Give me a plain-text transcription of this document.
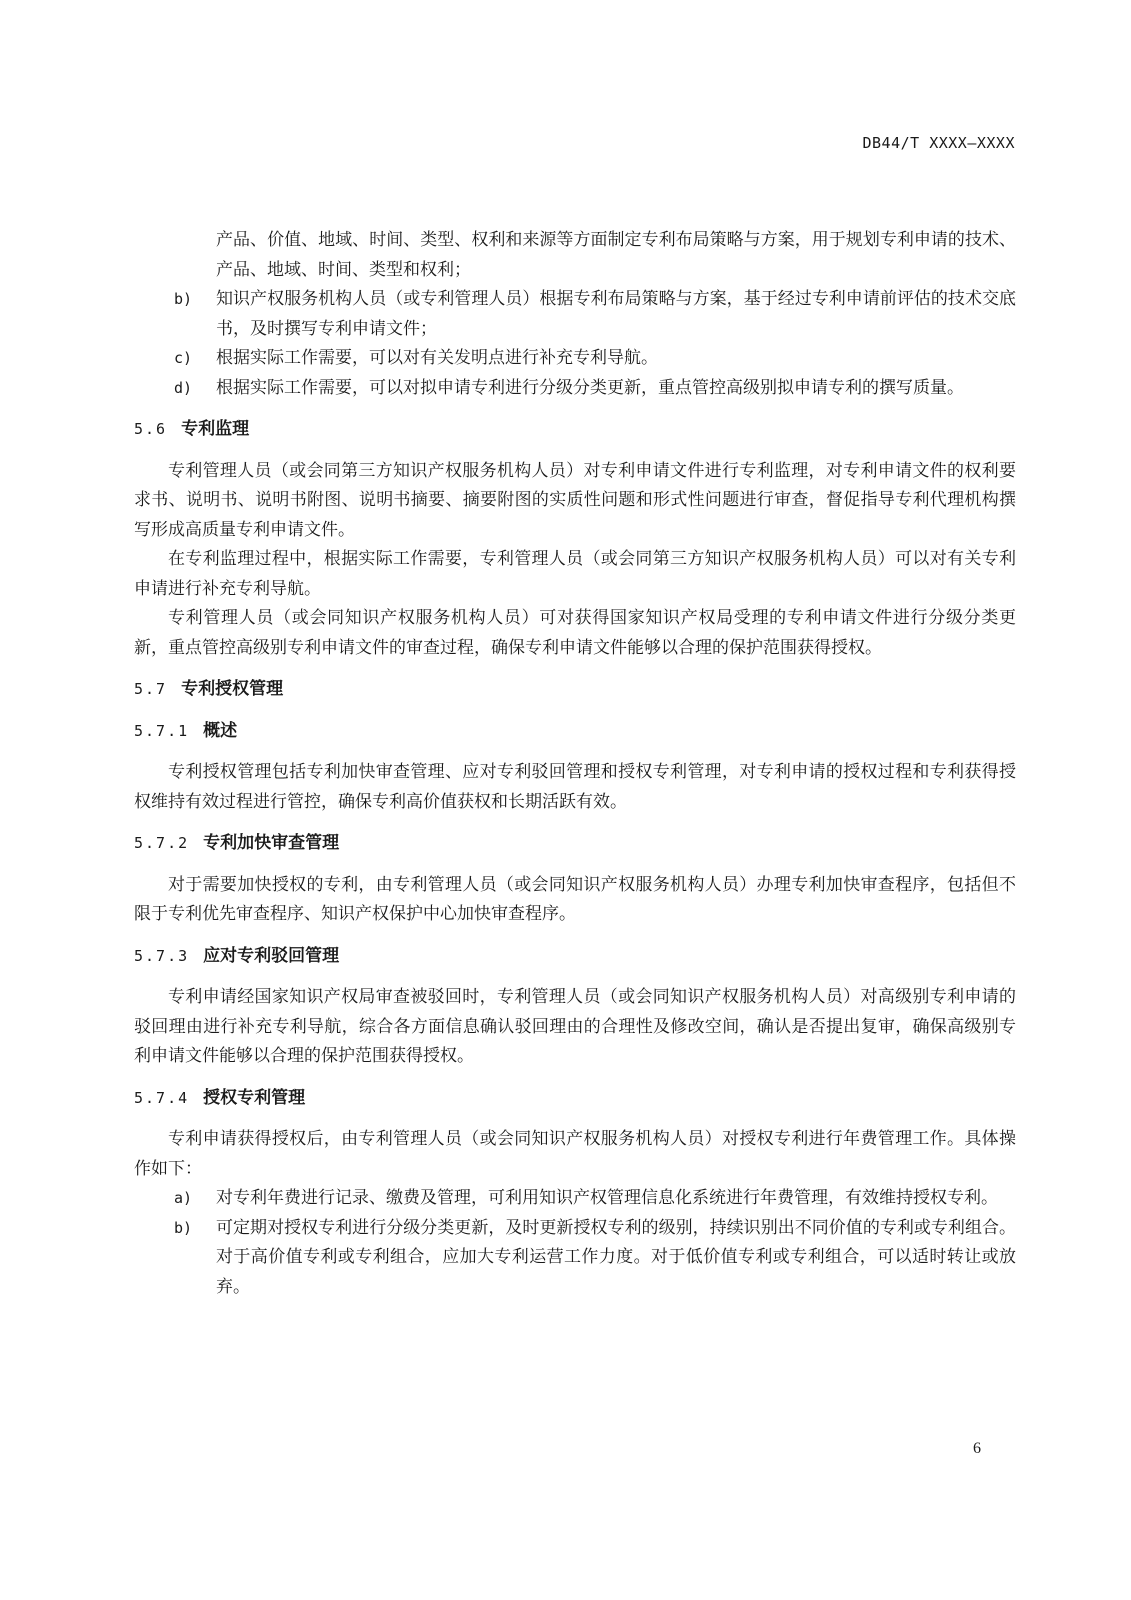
DB44/T XXXX—XXXX
产品、价值、地域、时间、类型、权利和来源等方面制定专利布局策略与方案，用于规划专利申请的技术、产品、地域、时间、类型和权利；
b)	知识产权服务机构人员（或专利管理人员）根据专利布局策略与方案，基于经过专利申请前评估的技术交底书，及时撰写专利申请文件；
c)	根据实际工作需要，可以对有关发明点进行补充专利导航。
d)	根据实际工作需要，可以对拟申请专利进行分级分类更新，重点管控高级别拟申请专利的撰写质量。
5.6 专利监理

专利管理人员（或会同第三方知识产权服务机构人员）对专利申请文件进行专利监理，对专利申请文件的权利要求书、说明书、说明书附图、说明书摘要、摘要附图的实质性问题和形式性问题进行审查，督促指导专利代理机构撰写形成高质量专利申请文件。

在专利监理过程中，根据实际工作需要，专利管理人员（或会同第三方知识产权服务机构人员）可以对有关专利申请进行补充专利导航。

专利管理人员（或会同知识产权服务机构人员）可对获得国家知识产权局受理的专利申请文件进行分级分类更新，重点管控高级别专利申请文件的审查过程，确保专利申请文件能够以合理的保护范围获得授权。

5.7 专利授权管理
5.7.1 概述

专利授权管理包括专利加快审查管理、应对专利驳回管理和授权专利管理，对专利申请的授权过程和专利获得授权维持有效过程进行管控，确保专利高价值获权和长期活跃有效。

5.7.2 专利加快审查管理

对于需要加快授权的专利，由专利管理人员（或会同知识产权服务机构人员）办理专利加快审查程序，包括但不限于专利优先审查程序、知识产权保护中心加快审查程序。

5.7.3 应对专利驳回管理

专利申请经国家知识产权局审查被驳回时，专利管理人员（或会同知识产权服务机构人员）对高级别专利申请的驳回理由进行补充专利导航，综合各方面信息确认驳回理由的合理性及修改空间，确认是否提出复审，确保高级别专利申请文件能够以合理的保护范围获得授权。

5.7.4 授权专利管理

专利申请获得授权后，由专利管理人员（或会同知识产权服务机构人员）对授权专利进行年费管理工作。具体操作如下：

a)	对专利年费进行记录、缴费及管理，可利用知识产权管理信息化系统进行年费管理，有效维持授权专利。
b)	可定期对授权专利进行分级分类更新，及时更新授权专利的级别，持续识别出不同价值的专利或专利组合。对于高价值专利或专利组合，应加大专利运营工作力度。对于低价值专利或专利组合，可以适时转让或放弃。
6
